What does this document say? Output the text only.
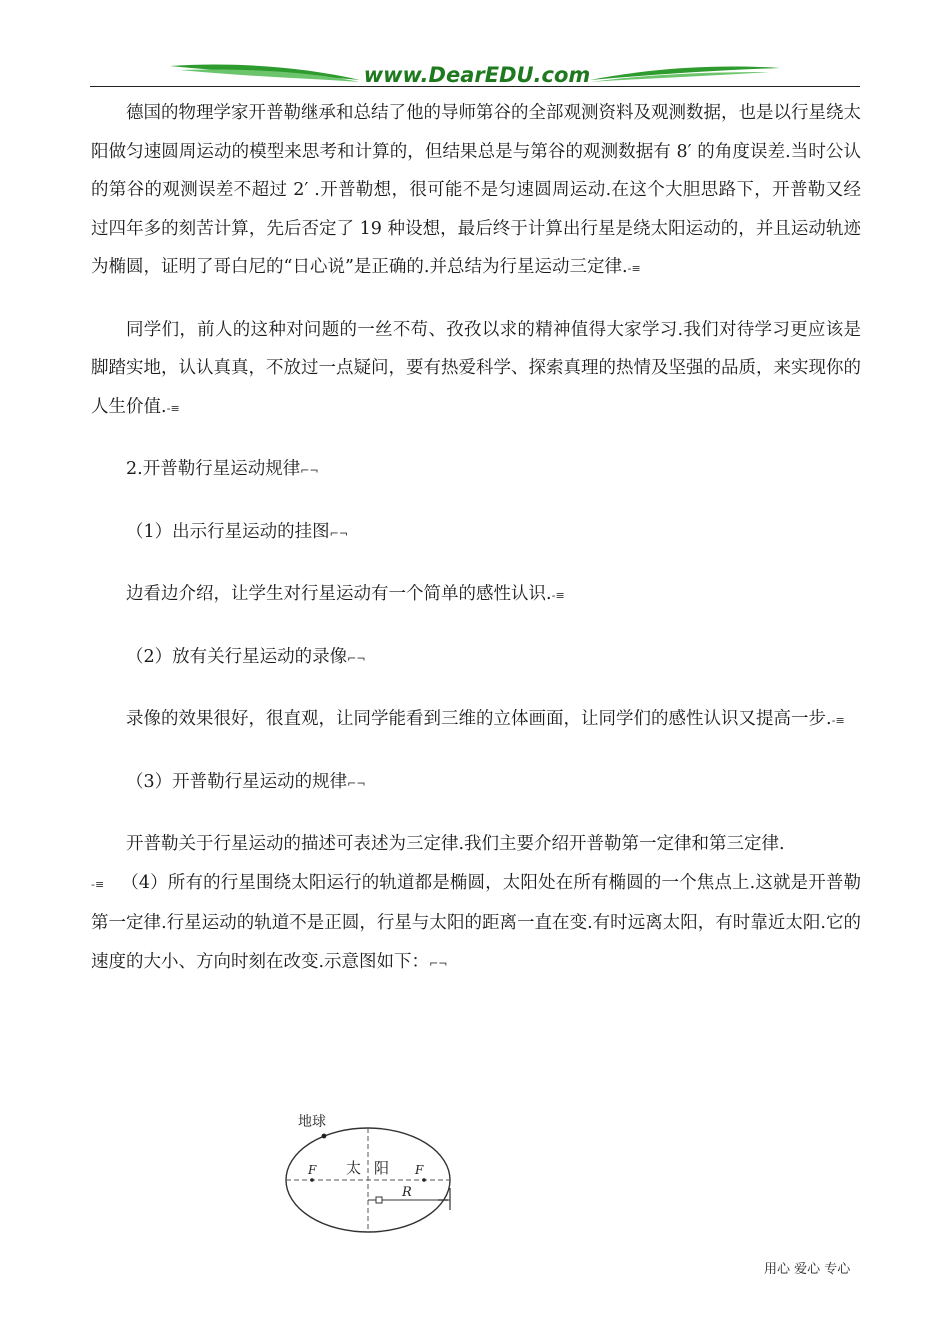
www.DearEDU.com

德国的物理学家开普勒继承和总结了他的导师第谷的全部观测资料及观测数据，也是以行星绕太阳做匀速圆周运动的模型来思考和计算的，但结果总是与第谷的观测数据有 8′ 的角度误差.当时公认的第谷的观测误差不超过 2′ .开普勒想，很可能不是匀速圆周运动.在这个大胆思路下，开普勒又经过四年多的刻苦计算，先后否定了 19 种设想，最后终于计算出行星是绕太阳运动的，并且运动轨迹为椭圆，证明了哥白尼的“日心说”是正确的.并总结为行星运动三定律.-≡

同学们，前人的这种对问题的一丝不苟、孜孜以求的精神值得大家学习.我们对待学习更应该是脚踏实地，认认真真，不放过一点疑问，要有热爱科学、探索真理的热情及坚强的品质，来实现你的人生价值.-≡

2.开普勒行星运动规律⌐¬

（1）出示行星运动的挂图⌐¬

边看边介绍，让学生对行星运动有一个简单的感性认识.-≡

（2）放有关行星运动的录像⌐¬

录像的效果很好，很直观，让同学能看到三维的立体画面，让同学们的感性认识又提高一步.-≡

（3）开普勒行星运动的规律⌐¬

开普勒关于行星运动的描述可表述为三定律.我们主要介绍开普勒第一定律和第三定律.
-≡ （4）所有的行星围绕太阳运行的轨道都是椭圆，太阳处在所有椭圆的一个焦点上.这就是开普勒第一定律.行星运动的轨道不是正圆，行星与太阳的距离一直在变.有时远离太阳，有时靠近太阳.它的速度的大小、方向时刻在改变.示意图如下：⌐¬

地球
F	F
太 阳
R
用心 爱心 专心
